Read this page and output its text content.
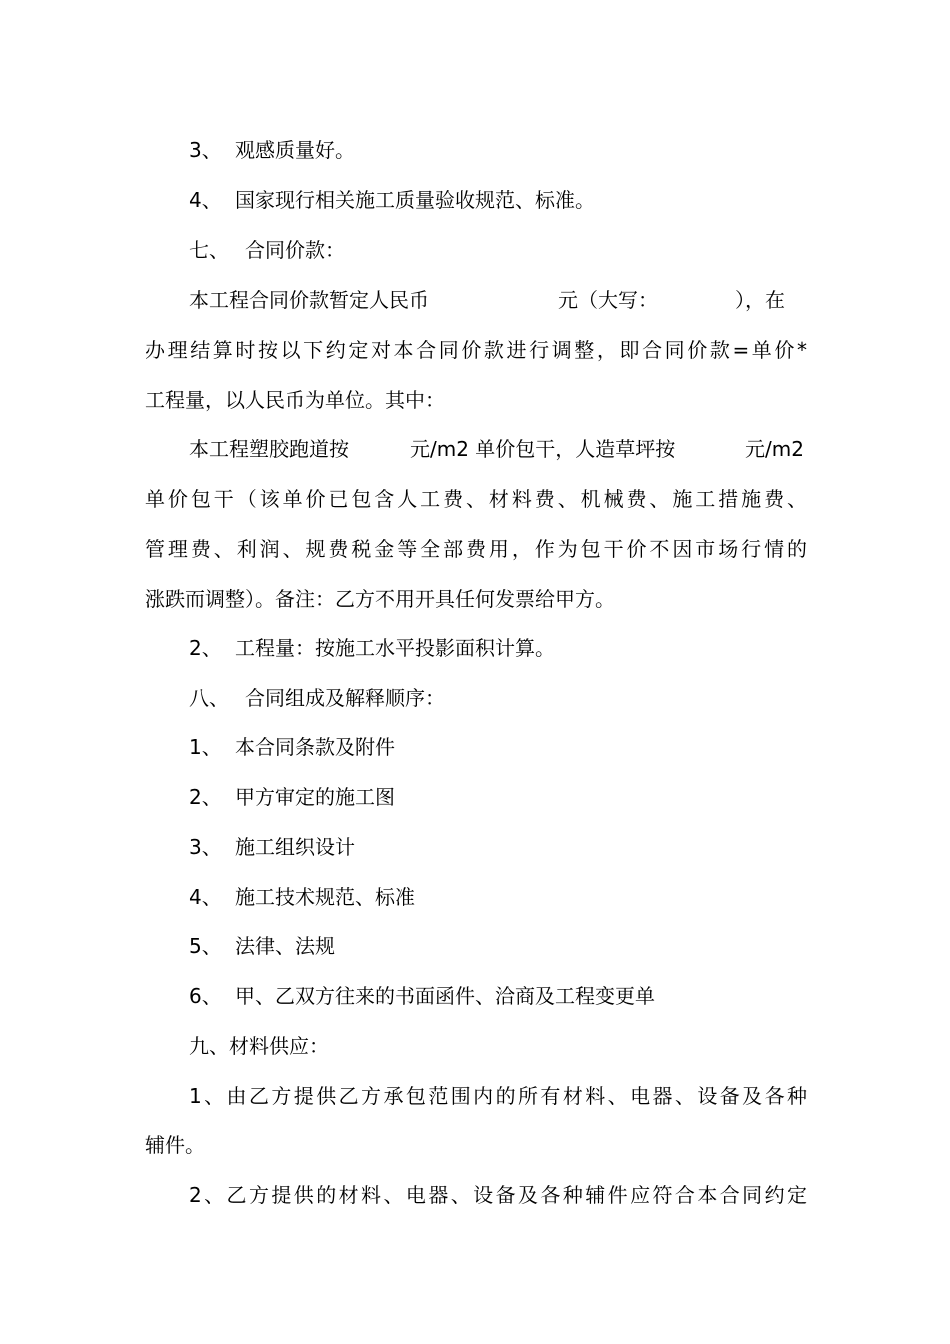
3、 观感质量好。
4、 国家现行相关施工质量验收规范、标准。
七、 合同价款：
本工程合同价款暂定人民币	元（大写：	），在
办理结算时按以下约定对本合同价款进行调整，即合同价款=单价*
工程量，以人民币为单位。其中：
本工程塑胶跑道按	元/m2 单价包干，人造草坪按	元/m2
单价包干（该单价已包含人工费、材料费、机械费、施工措施费、
管理费、利润、规费税金等全部费用，作为包干价不因市场行情的
涨跌而调整）。备注：乙方不用开具任何发票给甲方。
2、 工程量：按施工水平投影面积计算。
八、 合同组成及解释顺序：
1、 本合同条款及附件
2、 甲方审定的施工图
3、 施工组织设计
4、 施工技术规范、标准
5、 法律、法规
6、 甲、乙双方往来的书面函件、洽商及工程变更单
九、材料供应：
1、由乙方提供乙方承包范围内的所有材料、电器、设备及各种
辅件。
2、乙方提供的材料、电器、设备及各种辅件应符合本合同约定
